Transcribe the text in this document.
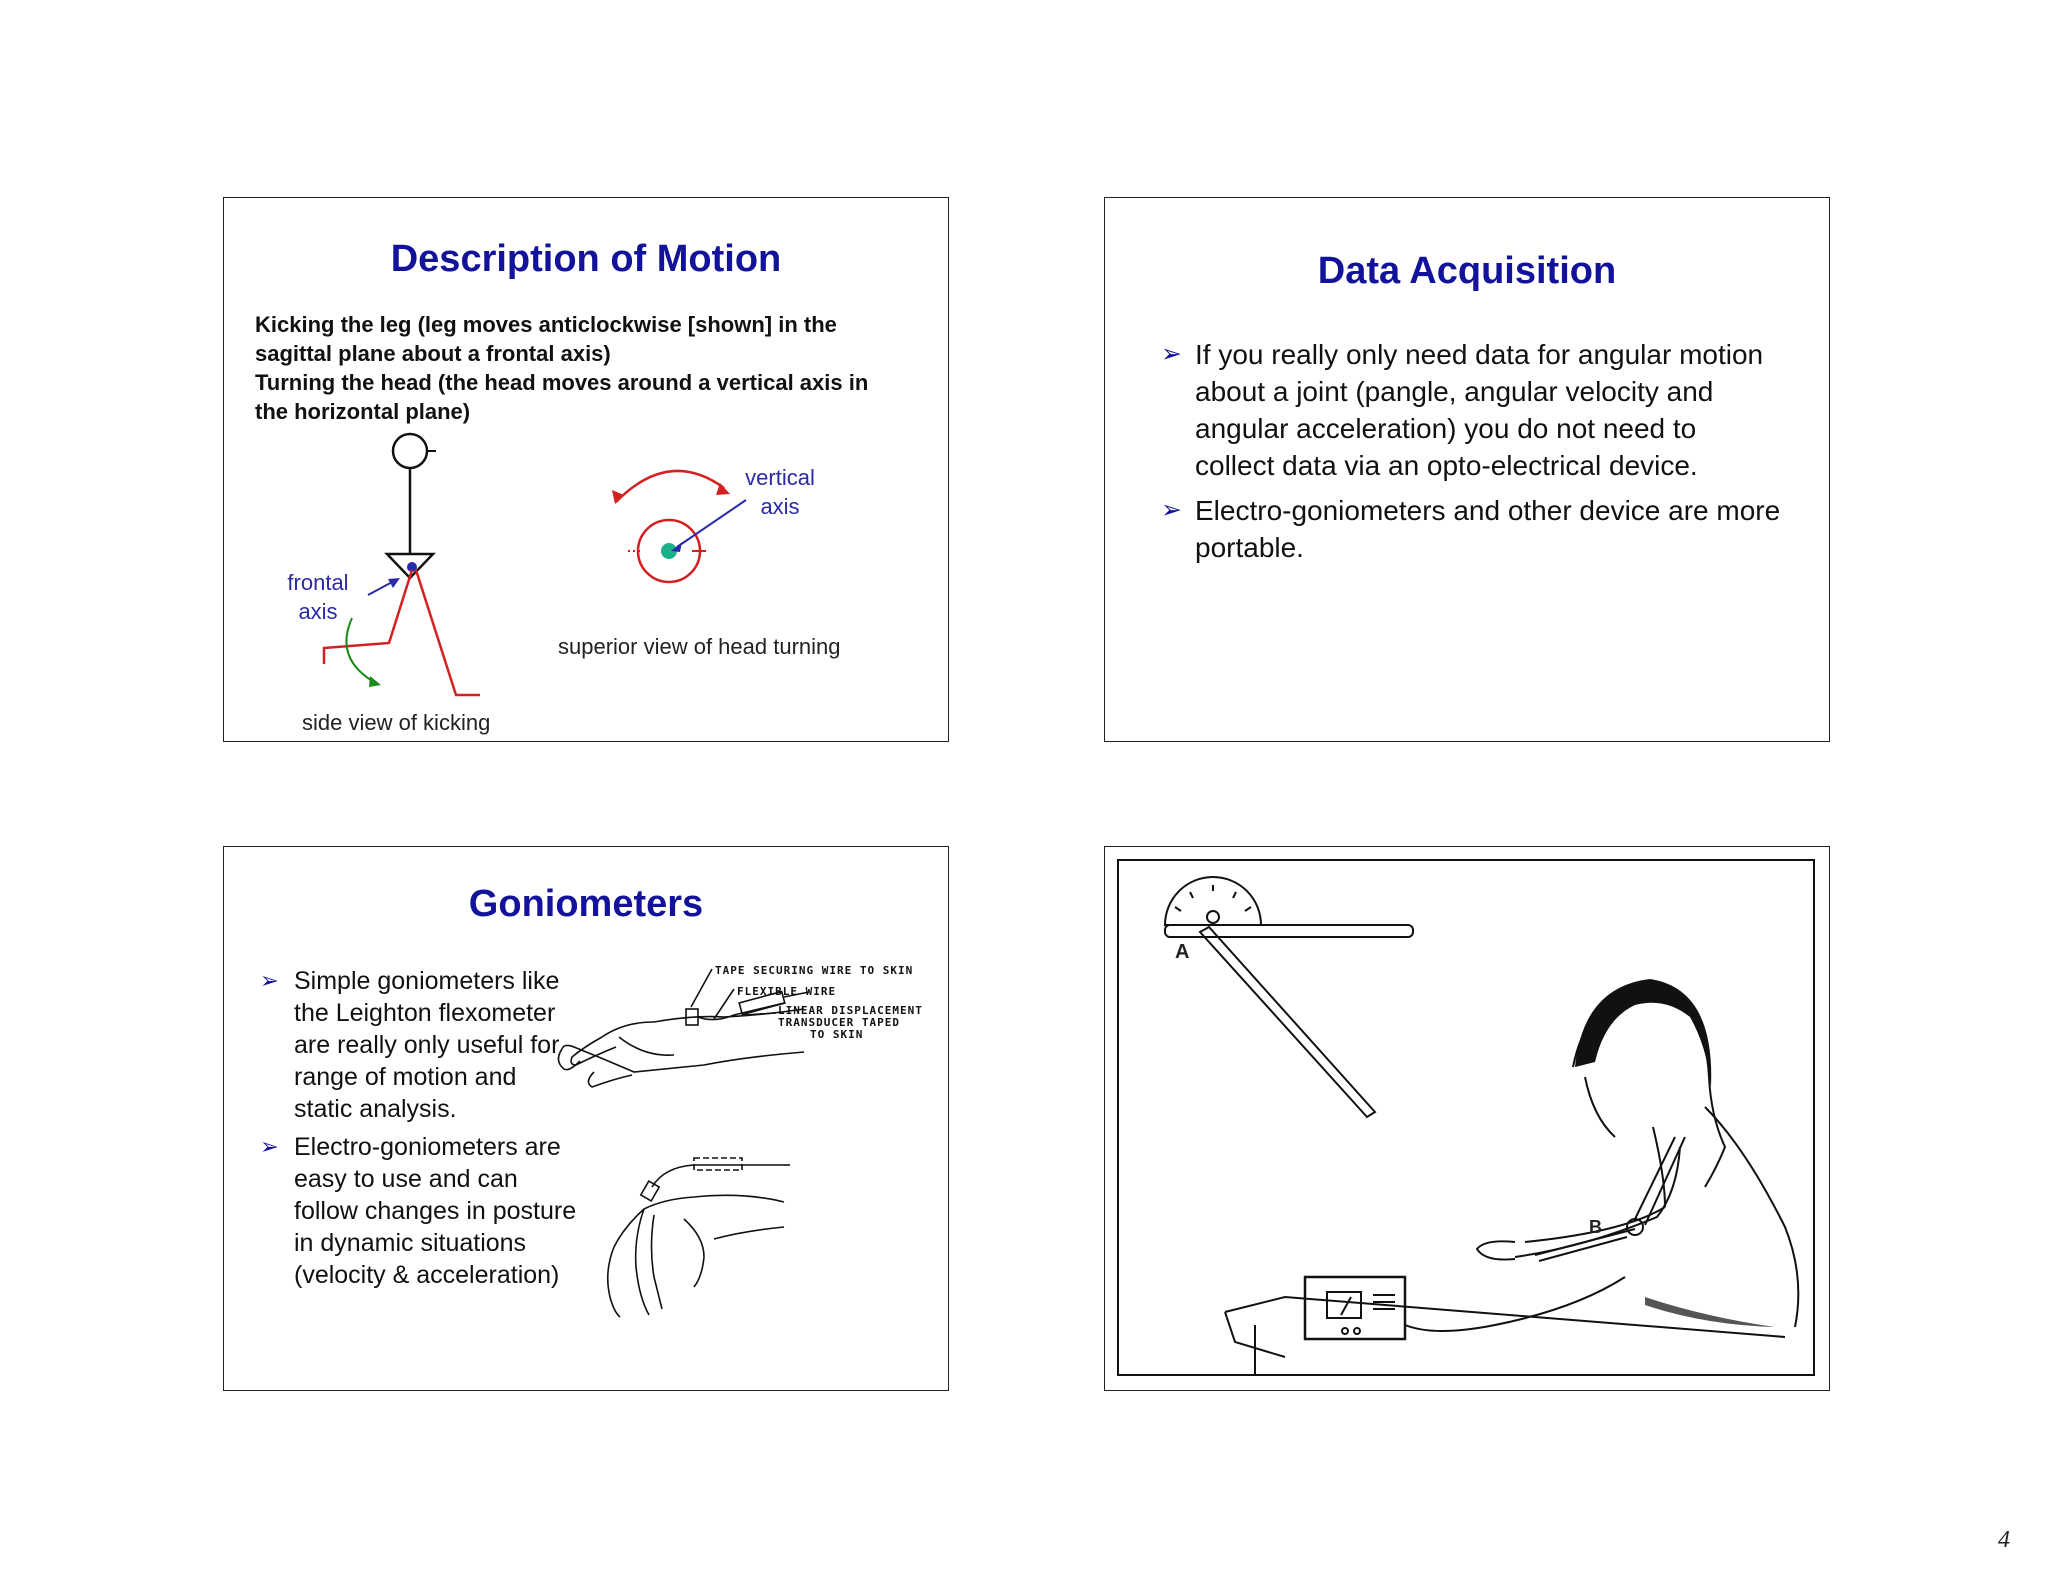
Description of Motion
Kicking the leg (leg moves anticlockwise [shown] in the sagittal plane about a frontal axis)
Turning the head (the head moves around a vertical axis in the horizontal plane)
frontal
axis
side view of kicking
vertical
axis
superior view of head turning
Data Acquisition
➢ If you really only need data for angular motion about a joint (pangle, angular velocity and angular acceleration) you do not need to collect data via an opto-electrical device.
➢ Electro-goniometers and other device are more portable.
Goniometers
➢ Simple goniometers like the Leighton flexometer are really only useful for range of motion and static analysis.
➢ Electro-goniometers are easy to use and can follow changes in posture in dynamic situations (velocity & acceleration)
TAPE SECURING WIRE TO SKIN
FLEXIBLE WIRE
LINEAR DISPLACEMENT
TRANSDUCER TAPED
TO SKIN
A
B
4
